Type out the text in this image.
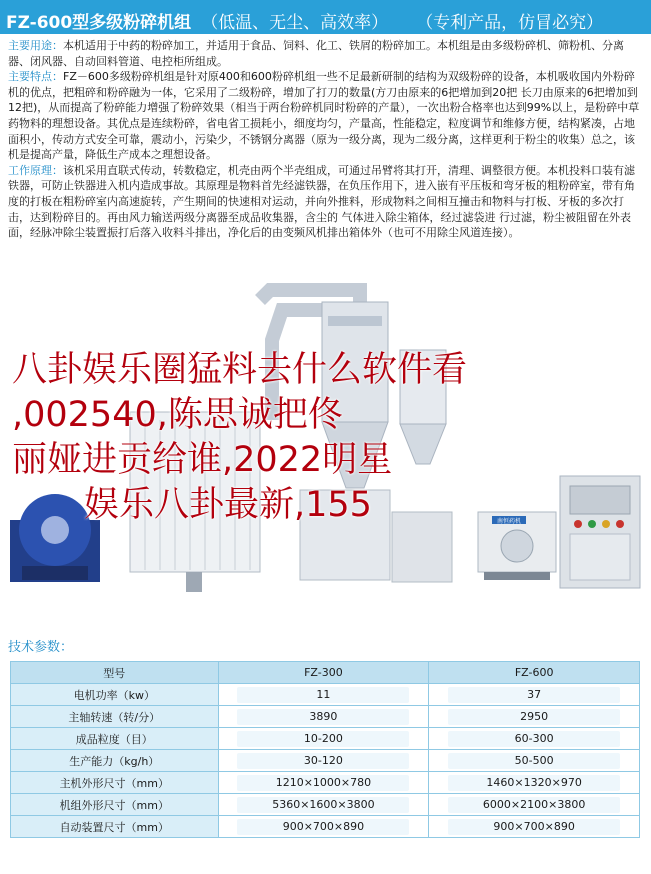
FZ-600型多级粉碎机组 （低温、无尘、高效率） （专利产品，仿冒必究）

主要用途：本机适用于中药的粉碎加工，并适用于食品、饲料、化工、铁屑的粉碎加工。本机组是由多级粉碎机、筛粉机、分离器、闭风器、自动回料管道、电控柜所组成。

主要特点：FZ－600多级粉碎机组是针对原400和600粉碎机组一些不足最新研制的结构为双级粉碎的设备，本机吸收国内外粉碎机的优点，把粗碎和粉碎融为一体，它采用了二级粉碎，增加了打刀的数量(方刀由原来的6把增加到20把 长刀由原来的6把增加到12把)，从而提高了粉碎能力增强了粉碎效果（相当于两台粉碎机同时粉碎的产量），一次出粉合格率也达到99%以上，是粉碎中草药物料的理想设备。其优点是连续粉碎，省电省工损耗小，细度均匀，产量高，性能稳定，粒度调节和维修方便，结构紧凑，占地面积小，传动方式安全可靠，震动小，污染少，不锈钢分离器（原为一级分离，现为二级分离，这样更利于粉尘的收集）总之，该机是提高产量，降低生产成本之理想设备。

工作原理：该机采用直联式传动，转数稳定，机壳由两个半壳组成，可通过吊臂将其打开，清理、调整很方便。本机投料口装有滤铁器，可防止铁器进入机内造成事故。其原理是物料首先经滤铁器，在负压作用下，进入嵌有平压板和弯牙板的粗粉碎室，带有角度的打板在粗粉碎室内高速旋转，产生期间的快速相对运动，并向外推料，形成物料之间相互撞击和物料与打板、牙板的多次打击，达到粉碎目的。再由风力输送两级分离器至成品收集器，含尘的 气体进入除尘箱体，经过滤袋进 行过滤，粉尘被阻留在外表面，经脉冲除尘装置振打后落入收料斗排出，净化后的由变频风机排出箱体外（也可不用除尘风道连接）。

南恒药机

八卦娱乐圈猛料去什么软件看
,002540,陈思诚把佟
丽娅进贡给谁,2022明星
娱乐八卦最新,155

技术参数：
型号	FZ-300	FZ-600
电机功率（kw）	11	37
主轴转速（转/分）	3890	2950
成品粒度（目）	10-200	60-300
生产能力（kg/h）	30-120	50-500
主机外形尺寸（mm）	1210×1000×780	1460×1320×970
机组外形尺寸（mm）	5360×1600×3800	6000×2100×3800
自动装置尺寸（mm）	900×700×890	900×700×890
